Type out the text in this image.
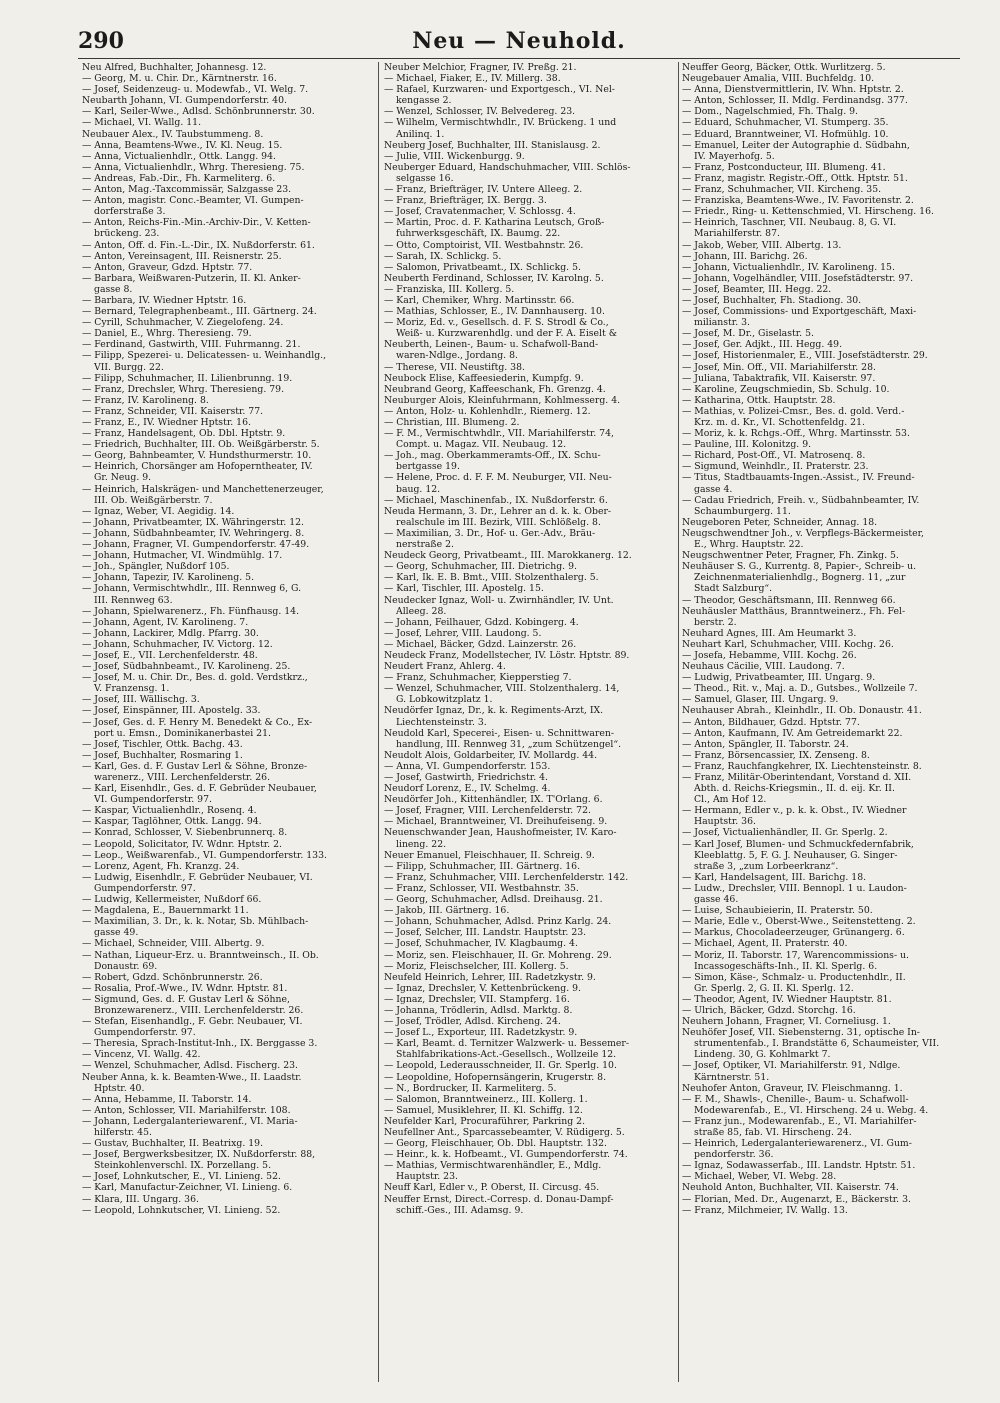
290	Neu — Neuhold.
Neu Alfred, Buchhalter, Johannesg. 12.
— Georg, M. u. Chir. Dr., Kärntnerstr. 16.
— Josef, Seidenzeug- u. Modewfab., VI. Welg. 7.
Neubarth Johann, VI. Gumpendorferstr. 40.
— Karl, Seiler-Wwe., Adlsd. Schönbrunnerstr. 30.
— Michael, VI. Wallg. 11.
Neubauer Alex., IV. Taubstummeng. 8.
— Anna, Beamtens-Wwe., IV. Kl. Neug. 15.
— Anna, Victualienhdlr., Ottk. Langg. 94.
— Anna, Victualienhdlr., Whrg. Theresieng. 75.
— Andreas, Fab.-Dir., Fh. Karmeliterg. 6.
— Anton, Mag.-Taxcommissär, Salzgasse 23.
— Anton, magistr. Conc.-Beamter, VI. Gumpen-
dorferstraße 3.
— Anton, Reichs-Fin.-Min.-Archiv-Dir., V. Ketten-
brückeng. 23.
— Anton, Off. d. Fin.-L.-Dir., IX. Nußdorferstr. 61.
— Anton, Vereinsagent, III. Reisnerstr. 25.
— Anton, Graveur, Gdzd. Hptstr. 77.
— Barbara, Weißwaren-Putzerin, II. Kl. Anker-
gasse 8.
— Barbara, IV. Wiedner Hptstr. 16.
— Bernard, Telegraphenbeamt., III. Gärtnerg. 24.
— Cyrill, Schuhmacher, V. Ziegelofeng. 24.
— Daniel, E., Whrg. Theresieng. 79.
— Ferdinand, Gastwirth, VIII. Fuhrmanng. 21.
— Filipp, Spezerei- u. Delicatessen- u. Weinhandlg.,
VII. Burgg. 22.
— Filipp, Schuhmacher, II. Lilienbrunng. 19.
— Franz, Drechsler, Whrg. Theresieng. 79.
— Franz, IV. Karolineng. 8.
— Franz, Schneider, VII. Kaiserstr. 77.
— Franz, E., IV. Wiedner Hptstr. 16.
— Franz, Handelsagent, Ob. Dbl. Hptstr. 9.
— Friedrich, Buchhalter, III. Ob. Weißgärberstr. 5.
— Georg, Bahnbeamter, V. Hundsthurmerstr. 10.
— Heinrich, Chorsänger am Hofoperntheater, IV.
Gr. Neug. 9.
— Heinrich, Halskrägen- und Manchettenerzeuger,
III. Ob. Weißgärberstr. 7.
— Ignaz, Weber, VI. Aegidig. 14.
— Johann, Privatbeamter, IX. Währingerstr. 12.
— Johann, Südbahnbeamter, IV. Wehringerg. 8.
— Johann, Fragner, VI. Gumpendorferstr. 47-49.
— Johann, Hutmacher, VI. Windmühlg. 17.
— Joh., Spängler, Nußdorf 105.
— Johann, Tapezir, IV. Karolineng. 5.
— Johann, Vermischtwhdlr., III. Rennweg 6, G.
III. Rennweg 63.
— Johann, Spielwarenerz., Fh. Fünfhausg. 14.
— Johann, Agent, IV. Karolineng. 7.
— Johann, Lackirer, Mdlg. Pfarrg. 30.
— Johann, Schuhmacher, IV. Victorg. 12.
— Josef, E., VII. Lerchenfelderstr. 48.
— Josef, Südbahnbeamt., IV. Karolineng. 25.
— Josef, M. u. Chir. Dr., Bes. d. gold. Verdstkrz.,
V. Franzensg. 1.
— Josef, III. Wällischg. 3.
— Josef, Einspänner, III. Apostelg. 33.
— Josef, Ges. d. F. Henry M. Benedekt & Co., Ex-
port u. Emsn., Dominikanerbastei 21.
— Josef, Tischler, Ottk. Bachg. 43.
— Josef, Buchhalter, Rosmaring 1.
— Karl, Ges. d. F. Gustav Lerl & Söhne, Bronze-
warenerz., VIII. Lerchenfelderstr. 26.
— Karl, Eisenhdlr., Ges. d. F. Gebrüder Neubauer,
VI. Gumpendorferstr. 97.
— Kaspar, Victualienhdlr., Rosenq. 4.
— Kaspar, Taglöhner, Ottk. Langg. 94.
— Konrad, Schlosser, V. Siebenbrunnerq. 8.
— Leopold, Solicitator, IV. Wdnr. Hptstr. 2.
— Leop., Weißwarenfab., VI. Gumpendorferstr. 133.
— Lorenz, Agent, Fh. Kranzg. 24.
— Ludwig, Eisenhdlr., F. Gebrüder Neubauer, VI.
Gumpendorferstr. 97.
— Ludwig, Kellermeister, Nußdorf 66.
— Magdalena, E., Bauernmarkt 11.
— Maximilian, 3. Dr., k. k. Notar, Sb. Mühlbach-
gasse 49.
— Michael, Schneider, VIII. Albertg. 9.
— Nathan, Liqueur-Erz. u. Branntweinsch., II. Ob.
Donaustr. 69.
— Robert, Gdzd. Schönbrunnerstr. 26.
— Rosalia, Prof.-Wwe., IV. Wdnr. Hptstr. 81.
— Sigmund, Ges. d. F. Gustav Lerl & Söhne,
Bronzewarenerz., VIII. Lerchenfelderstr. 26.
— Stefan, Eisenhandlg., F. Gebr. Neubauer, VI.
Gumpendorferstr. 97.
— Theresia, Sprach-Institut-Inh., IX. Berggasse 3.
— Vincenz, VI. Wallg. 42.
— Wenzel, Schuhmacher, Adlsd. Fischerg. 23.
Neuber Anna, k. k. Beamten-Wwe., II. Laadstr.
Hptstr. 40.
— Anna, Hebamme, II. Taborstr. 14.
— Anton, Schlosser, VII. Mariahilferstr. 108.
— Johann, Ledergalanteriewarenf., VI. Maria-
hilferstr. 45.
— Gustav, Buchhalter, II. Beatrixg. 19.
— Josef, Bergwerksbesitzer, IX. Nußdorferstr. 88,
Steinkohlenverschl. IX. Porzellang. 5.
— Josef, Lohnkutscher, E., VI. Linieng. 52.
— Karl, Manufactur-Zeichner, VI. Linieng. 6.
— Klara, III. Ungarg. 36.
— Leopold, Lohnkutscher, VI. Linieng. 52.
Neuber Melchior, Fragner, IV. Preßg. 21.
— Michael, Fiaker, E., IV. Millerg. 38.
— Rafael, Kurzwaren- und Exportgesch., VI. Nel-
kengasse 2.
— Wenzel, Schlosser, IV. Belvedereg. 23.
— Wilhelm, Vermischtwhdlr., IV. Brückeng. 1 und
Anilinq. 1.
Neuberg Josef, Buchhalter, III. Stanislausg. 2.
— Julie, VIII. Wickenburgg. 9.
Neuberger Eduard, Handschuhmacher, VIII. Schlös-
selgasse 16.
— Franz, Briefträger, IV. Untere Alleeg. 2.
— Franz, Briefträger, IX. Bergg. 3.
— Josef, Cravatenmacher, V. Schlossg. 4.
— Martin, Proc. d. F. Katharina Leutsch, Groß-
fuhrwerksgeschäft, IX. Baumg. 22.
— Otto, Comptoirist, VII. Westbahnstr. 26.
— Sarah, IX. Schlickg. 5.
— Salomon, Privatbeamt., IX. Schlickg. 5.
Neuberth Ferdinand, Schlosser, IV. Karolng. 5.
— Franziska, III. Kollerg. 5.
— Karl, Chemiker, Whrg. Martinsstr. 66.
— Mathias, Schlosser, E., IV. Dannhauserg. 10.
— Moriz, Ed. v., Gesellsch. d. F. S. Strodl & Co.,
Weiß- u. Kurzwarenhdlg. und der F. A. Eiselt &
Neuberth, Leinen-, Baum- u. Schafwoll-Band-
waren-Ndlge., Jordang. 8.
— Therese, VII. Neustiftg. 38.
Neubock Elise, Kaffeesiederin, Kumpfg. 9.
Neubrand Georg, Kaffeeschank, Fh. Grenzg. 4.
Neuburger Alois, Kleinfuhrmann, Kohlmesserg. 4.
— Anton, Holz- u. Kohlenhdlr., Riemerg. 12.
— Christian, III. Blumeng. 2.
— F. M., Vermischtwhdlr., VII. Mariahilferstr. 74,
Compt. u. Magaz. VII. Neubaug. 12.
— Joh., mag. Oberkammeramts-Off., IX. Schu-
bertgasse 19.
— Helene, Proc. d. F. F. M. Neuburger, VII. Neu-
baug. 12.
— Michael, Maschinenfab., IX. Nußdorferstr. 6.
Neuda Hermann, 3. Dr., Lehrer an d. k. k. Ober-
realschule im III. Bezirk, VIII. Schlößelg. 8.
— Maximilian, 3. Dr., Hof- u. Ger.-Adv., Bräu-
nerstraße 2.
Neudeck Georg, Privatbeamt., III. Marokkanerg. 12.
— Georg, Schuhmacher, III. Dietrichg. 9.
— Karl, Ik. E. B. Bmt., VIII. Stolzenthalerg. 5.
— Karl, Tischler, III. Apostelg. 15.
Neudecker Ignaz, Woll- u. Zwirnhändler, IV. Unt.
Alleeg. 28.
— Johann, Feilhauer, Gdzd. Kobingerg. 4.
— Josef, Lehrer, VIII. Laudong. 5.
— Michael, Bäcker, Gdzd. Lainzerstr. 26.
Neudeck Franz, Modellstecher, IV. Löstr. Hptstr. 89.
Neudert Franz, Ahlerg. 4.
— Franz, Schuhmacher, Kiepperstieg 7.
— Wenzel, Schuhmacher, VIII. Stolzenthalerg. 14,
G. Lobkowitzplatz 1.
Neudörfer Ignaz, Dr., k. k. Regiments-Arzt, IX.
Liechtensteinstr. 3.
Neudold Karl, Specerei-, Eisen- u. Schnittwaren-
handlung, III. Rennweg 31, „zum Schützengel“.
Neudolt Alois, Goldarbeiter, IV. Mollardg. 44.
— Anna, VI. Gumpendorferstr. 153.
— Josef, Gastwirth, Friedrichstr. 4.
Neudorf Lorenz, E., IV. Schelmg. 4.
Neudörfer Joh., Kittenhändler, IX. T'Orlang. 6.
— Josef, Fragner, VIII. Lerchenfelderstr. 72.
— Michael, Branntweiner, VI. Dreihufeiseng. 9.
Neuenschwander Jean, Haushofmeister, IV. Karo-
lineng. 22.
Neuer Emanuel, Fleischhauer, II. Schreig. 9.
— Filipp, Schuhmacher, III. Gärtnerg. 16.
— Franz, Schuhmacher, VIII. Lerchenfelderstr. 142.
— Franz, Schlosser, VII. Westbahnstr. 35.
— Georg, Schuhmacher, Adlsd. Dreihausg. 21.
— Jakob, III. Gärtnerg. 16.
— Johann, Schuhmacher, Adlsd. Prinz Karlg. 24.
— Josef, Selcher, III. Landstr. Hauptstr. 23.
— Josef, Schuhmacher, IV. Klagbaumg. 4.
— Moriz, sen. Fleischhauer, II. Gr. Mohreng. 29.
— Moriz, Fleischselcher, III. Kollerg. 5.
Neufeld Heinrich, Lehrer, III. Radetzkystr. 9.
— Ignaz, Drechsler, V. Kettenbrückeng. 9.
— Ignaz, Drechsler, VII. Stampferg. 16.
— Johanna, Trödlerin, Adlsd. Marktg. 8.
— Josef, Trödler, Adlsd. Kircheng. 24.
— Josef L., Exporteur, III. Radetzkystr. 9.
— Karl, Beamt. d. Ternitzer Walzwerk- u. Bessemer-
Stahlfabrikations-Act.-Gesellsch., Wollzeile 12.
— Leopold, Lederausschneider, II. Gr. Sperlg. 10.
— Leopoldine, Hofopernsängerin, Krugerstr. 8.
— N., Bordrucker, II. Karmeliterg. 5.
— Salomon, Branntweinerz., III. Kollerg. 1.
— Samuel, Musiklehrer, II. Kl. Schiffg. 12.
Neufelder Karl, Procuraführer, Parkring 2.
Neufellner Ant., Sparcassebeamter, V. Rüdigerg. 5.
— Georg, Fleischhauer, Ob. Dbl. Hauptstr. 132.
— Heinr., k. k. Hofbeamt., VI. Gumpendorferstr. 74.
— Mathias, Vermischtwarenhändler, E., Mdlg.
Hauptstr. 23.
Neuff Karl, Edler v., P. Oberst, II. Circusg. 45.
Neuffer Ernst, Direct.-Corresp. d. Donau-Dampf-
schiff.-Ges., III. Adamsg. 9.
Neuffer Georg, Bäcker, Ottk. Wurlitzerg. 5.
Neugebauer Amalia, VIII. Buchfeldg. 10.
— Anna, Dienstvermittlerin, IV. Whn. Hptstr. 2.
— Anton, Schlosser, II. Mdlg. Ferdinandsg. 377.
— Dom., Nagelschmied, Fh. Thalg. 9.
— Eduard, Schuhmacher, VI. Stumperg. 35.
— Eduard, Branntweiner, VI. Hofmühlg. 10.
— Emanuel, Leiter der Autographie d. Südbahn,
IV. Mayerhofg. 5.
— Franz, Postconducteur, III. Blumeng. 41.
— Franz, magistr. Registr.-Off., Ottk. Hptstr. 51.
— Franz, Schuhmacher, VII. Kircheng. 35.
— Franziska, Beamtens-Wwe., IV. Favoritenstr. 2.
— Friedr., Ring- u. Kettenschmied, VI. Hirscheng. 16.
— Heinrich, Taschner, VII. Neubaug. 8, G. VI.
Mariahilferstr. 87.
— Jakob, Weber, VIII. Albertg. 13.
— Johann, III. Barichg. 26.
— Johann, Victualienhdlr., IV. Karolineng. 15.
— Johann, Vogelhändler, VIII. Josefstädterstr. 97.
— Josef, Beamter, III. Hegg. 22.
— Josef, Buchhalter, Fh. Stadiong. 30.
— Josef, Commissions- und Exportgeschäft, Maxi-
milianstr. 3.
— Josef, M. Dr., Giselastr. 5.
— Josef, Ger. Adjkt., III. Hegg. 49.
— Josef, Historienmaler, E., VIII. Josefstädterstr. 29.
— Josef, Min. Off., VII. Mariahilferstr. 28.
— Juliana, Tabaktrafik, VII. Kaiserstr. 97.
— Karoline, Zeugschmiedin, Sb. Schulg. 10.
— Katharina, Ottk. Hauptstr. 28.
— Mathias, v. Polizei-Cmsr., Bes. d. gold. Verd.-
Krz. m. d. Kr., VI. Schottenfeldg. 21.
— Moriz, k. k. Rchgs.-Off., Whrg. Martinsstr. 53.
— Pauline, III. Kolonitzg. 9.
— Richard, Post-Off., VI. Matrosenq. 8.
— Sigmund, Weinhdlr., II. Praterstr. 23.
— Titus, Stadtbauamts-Ingen.-Assist., IV. Freund-
gasse 4.
— Cadau Friedrich, Freih. v., Südbahnbeamter, IV.
Schaumburgerg. 11.
Neugeboren Peter, Schneider, Annag. 18.
Neugschwendtner Joh., v. Verpflegs-Bäckermeister,
E., Whrg. Hauptstr. 22.
Neugschwentner Peter, Fragner, Fh. Zinkg. 5.
Neuhäuser S. G., Kurrentg. 8, Papier-, Schreib- u.
Zeichnenmaterialienhdlg., Bognerg. 11, „zur
Stadt Salzburg“.
— Theodor, Geschäftsmann, III. Rennweg 66.
Neuhäusler Matthäus, Branntweinerz., Fh. Fel-
berstr. 2.
Neuhard Agnes, III. Am Heumarkt 3.
Neuhart Karl, Schuhmacher, VIII. Kochg. 26.
— Josefa, Hebamme, VIII. Kochg. 26.
Neuhaus Cäcilie, VIII. Laudong. 7.
— Ludwig, Privatbeamter, III. Ungarg. 9.
— Theod., Rit. v., Maj. a. D., Gutsbes., Wollzeile 7.
— Samuel, Glaser, III. Ungarg. 9.
Neuhauser Abrah., Kleinhdlr., II. Ob. Donaustr. 41.
— Anton, Bildhauer, Gdzd. Hptstr. 77.
— Anton, Kaufmann, IV. Am Getreidemarkt 22.
— Anton, Spängler, II. Taborstr. 24.
— Franz, Börsencassier, IX. Zenseng. 8.
— Franz, Rauchfangkehrer, IX. Liechtensteinstr. 8.
— Franz, Militär-Oberintendant, Vorstand d. XII.
Abth. d. Reichs-Kriegsmin., II. d. eij. Kr. II.
Cl., Am Hof 12.
— Hermann, Edler v., p. k. k. Obst., IV. Wiedner
Hauptstr. 36.
— Josef, Victualienhändler, II. Gr. Sperlg. 2.
— Karl Josef, Blumen- und Schmuckfedernfabrik,
Kleeblattg. 5, F. G. J. Neuhauser, G. Singer-
straße 3, „zum Lorbeerkranz“.
— Karl, Handelsagent, III. Barichg. 18.
— Ludw., Drechsler, VIII. Bennopl. 1 u. Laudon-
gasse 46.
— Luise, Schaubieierin, II. Praterstr. 50.
— Marie, Edle v., Oberst-Wwe., Seitenstetteng. 2.
— Markus, Chocoladeerzeuger, Grünangerg. 6.
— Michael, Agent, II. Praterstr. 40.
— Moriz, II. Taborstr. 17, Warencommissions- u.
Incassogeschäfts-Inh., II. Kl. Sperlg. 6.
— Simon, Käse-, Schmalz- u. Productenhdlr., II.
Gr. Sperlg. 2, G. II. Kl. Sperlg. 12.
— Theodor, Agent, IV. Wiedner Hauptstr. 81.
— Ulrich, Bäcker, Gdzd. Storchg. 16.
Neuhern Johann, Fragner, VI. Corneliusg. 1.
Neuhöfer Josef, VII. Siebensterng. 31, optische In-
strumentenfab., I. Brandstätte 6, Schaumeister, VII.
Lindeng. 30, G. Kohlmarkt 7.
— Josef, Optiker, VI. Mariahilferstr. 91, Ndlge.
Kärntnerstr. 51.
Neuhofer Anton, Graveur, IV. Fleischmanng. 1.
— F. M., Shawls-, Chenille-, Baum- u. Schafwoll-
Modewarenfab., E., VI. Hirscheng. 24 u. Webg. 4.
— Franz jun., Modewarenfab., E., VI. Mariahilfer-
straße 85, fab. VI. Hirscheng. 24.
— Heinrich, Ledergalanteriewarenerz., VI. Gum-
pendorferstr. 36.
— Ignaz, Sodawasserfab., III. Landstr. Hptstr. 51.
— Michael, Weber, VI. Webg. 28.
Neuhold Anton, Buchhalter, VII. Kaiserstr. 74.
— Florian, Med. Dr., Augenarzt, E., Bäckerstr. 3.
— Franz, Milchmeier, IV. Wallg. 13.
